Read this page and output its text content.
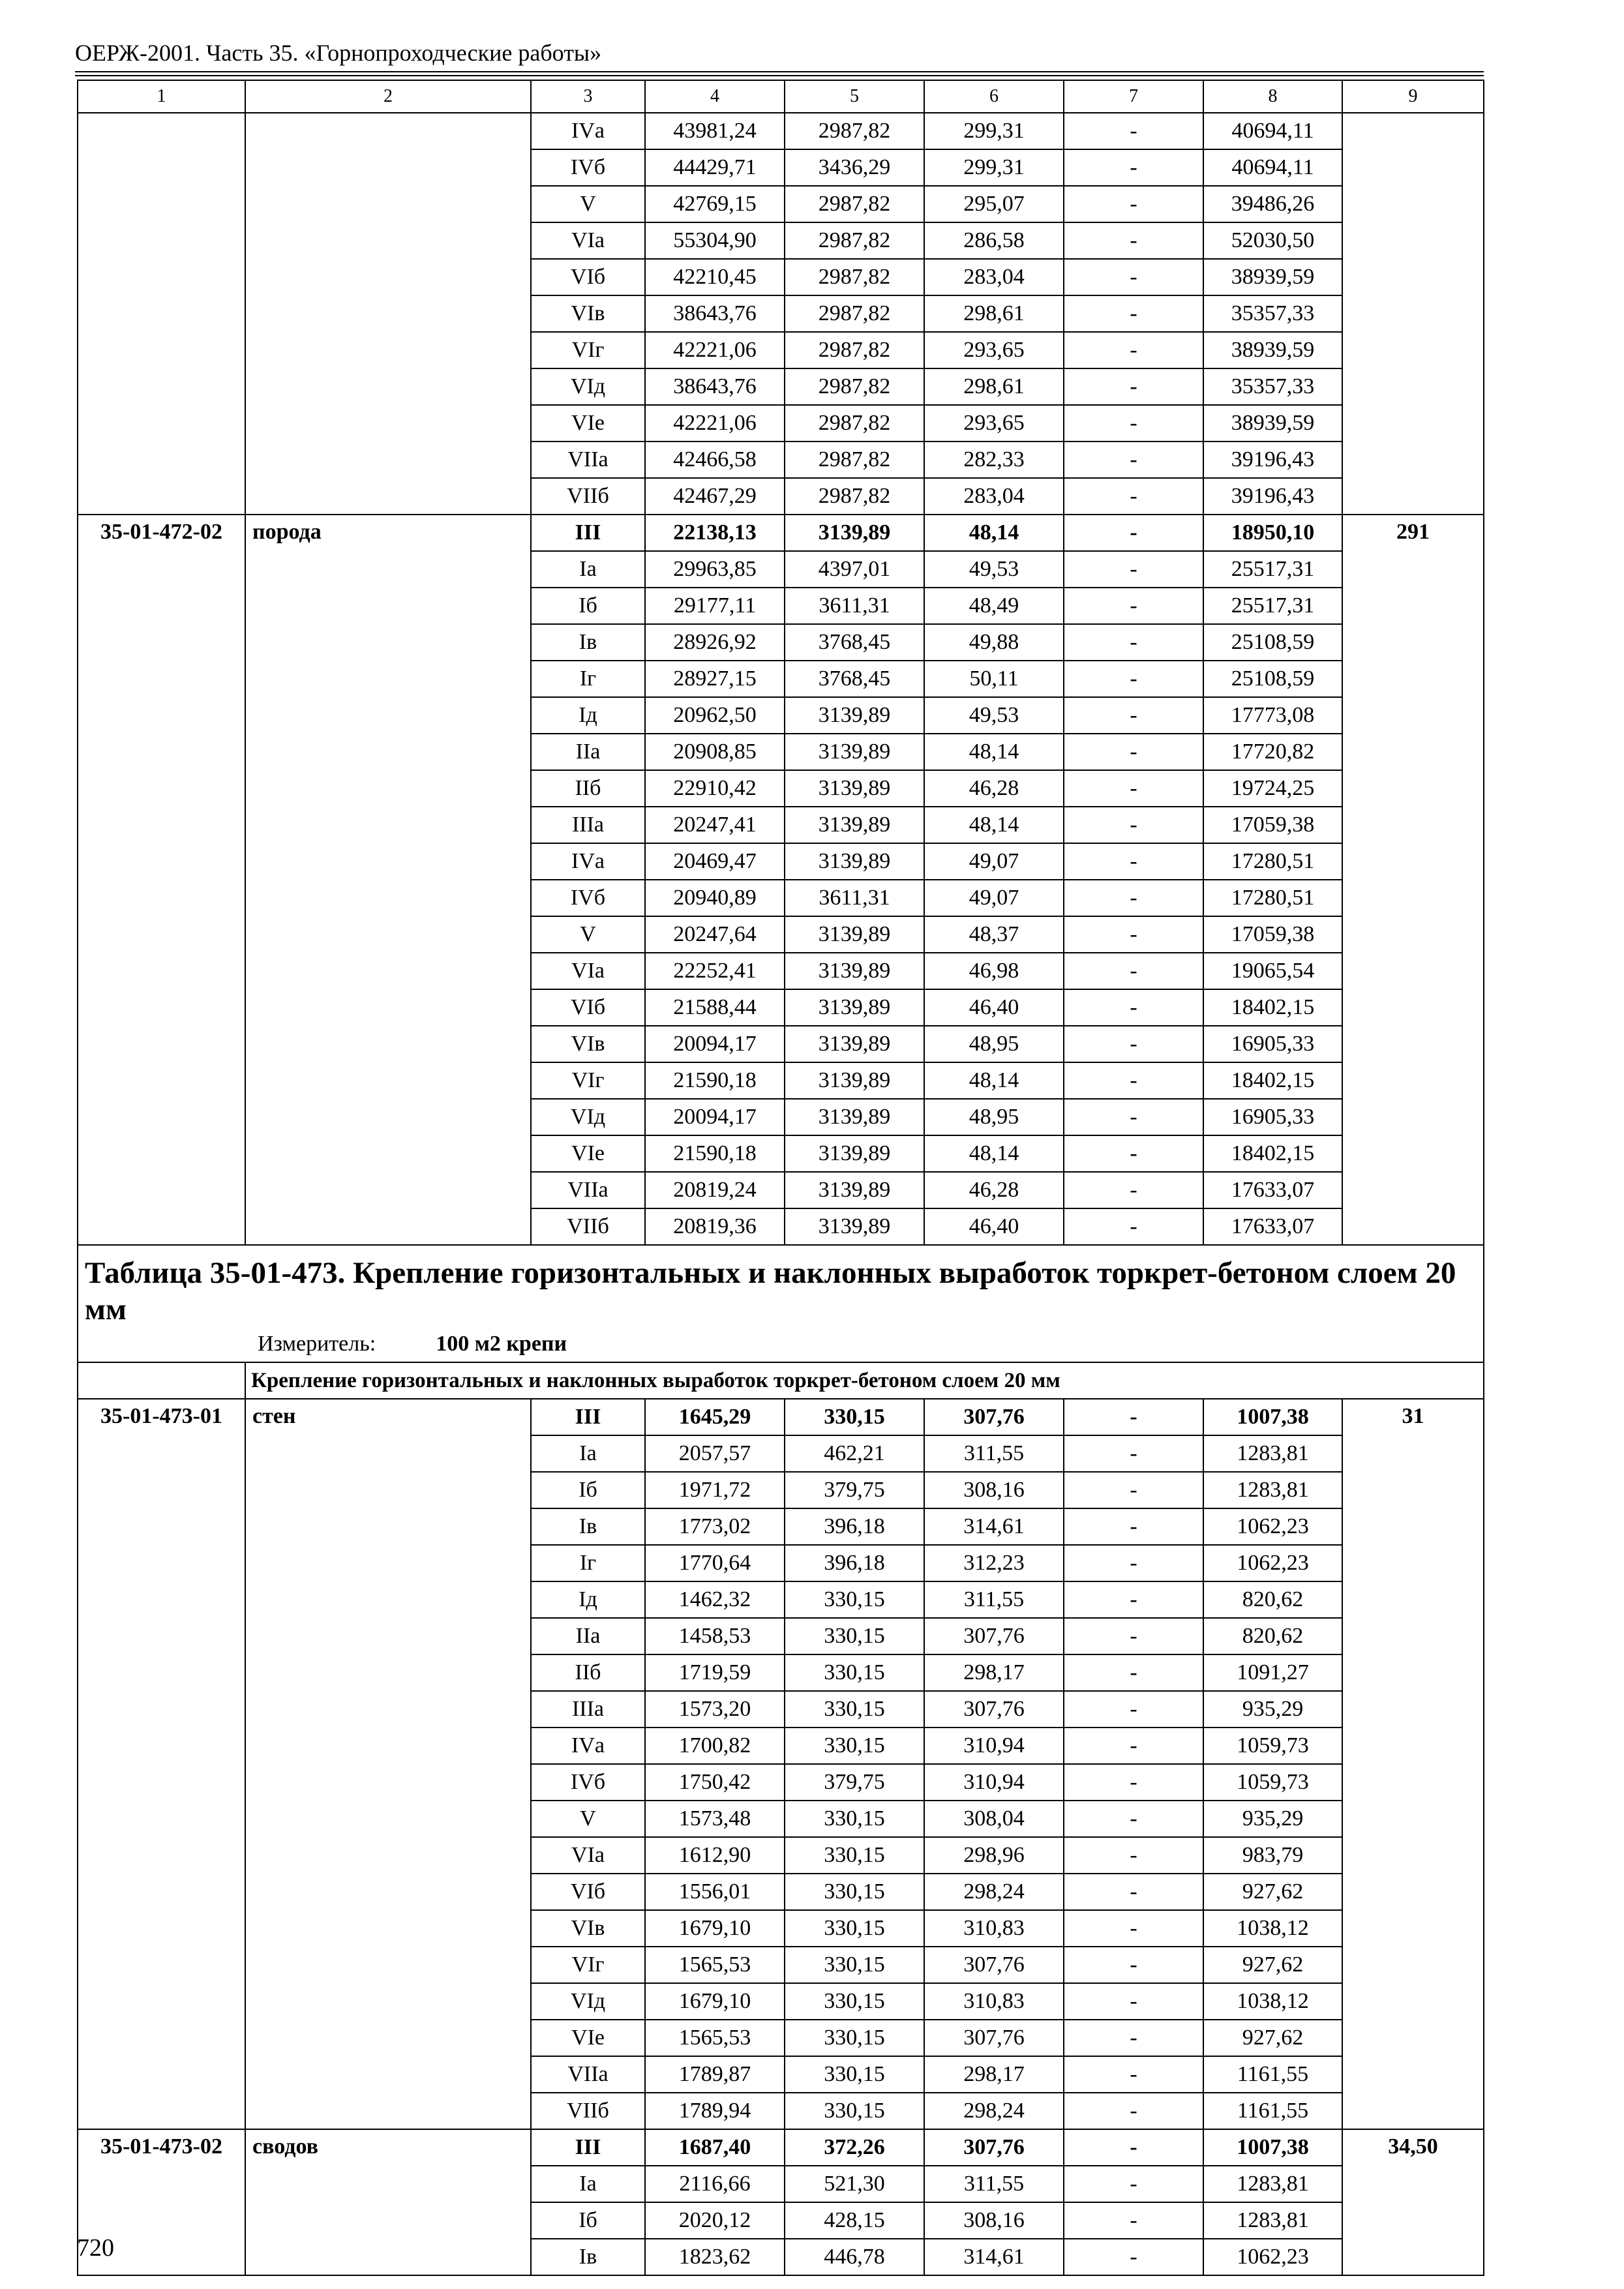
ОЕРЖ-2001. Часть 35. «Горнопроходческие работы»
1	2	3	4	5	6	7	8	9
		IVа	43981,24	2987,82	299,31	-	40694,11	
		IVб	44429,71	3436,29	299,31	-	40694,11	
		V	42769,15	2987,82	295,07	-	39486,26	
		VIа	55304,90	2987,82	286,58	-	52030,50	
		VIб	42210,45	2987,82	283,04	-	38939,59	
		VIв	38643,76	2987,82	298,61	-	35357,33	
		VIг	42221,06	2987,82	293,65	-	38939,59	
		VIд	38643,76	2987,82	298,61	-	35357,33	
		VIе	42221,06	2987,82	293,65	-	38939,59	
		VIIа	42466,58	2987,82	282,33	-	39196,43	
		VIIб	42467,29	2987,82	283,04	-	39196,43	
35-01-472-02	порода	III	22138,13	3139,89	48,14	-	18950,10	291
		Iа	29963,85	4397,01	49,53	-	25517,31	
		Iб	29177,11	3611,31	48,49	-	25517,31	
		Iв	28926,92	3768,45	49,88	-	25108,59	
		Iг	28927,15	3768,45	50,11	-	25108,59	
		Iд	20962,50	3139,89	49,53	-	17773,08	
		IIа	20908,85	3139,89	48,14	-	17720,82	
		IIб	22910,42	3139,89	46,28	-	19724,25	
		IIIа	20247,41	3139,89	48,14	-	17059,38	
		IVа	20469,47	3139,89	49,07	-	17280,51	
		IVб	20940,89	3611,31	49,07	-	17280,51	
		V	20247,64	3139,89	48,37	-	17059,38	
		VIа	22252,41	3139,89	46,98	-	19065,54	
		VIб	21588,44	3139,89	46,40	-	18402,15	
		VIв	20094,17	3139,89	48,95	-	16905,33	
		VIг	21590,18	3139,89	48,14	-	18402,15	
		VIд	20094,17	3139,89	48,95	-	16905,33	
		VIе	21590,18	3139,89	48,14	-	18402,15	
		VIIа	20819,24	3139,89	46,28	-	17633,07	
		VIIб	20819,36	3139,89	46,40	-	17633,07	
Таблица 35-01-473. Крепление горизонтальных и наклонных выработок торкрет-бетоном слоем 20 мм
Измеритель: 100 м2 крепи								

	Крепление горизонтальных и наклонных выработок торкрет-бетоном слоем 20 мм							
35-01-473-01	стен	III	1645,29	330,15	307,76	-	1007,38	31
		Iа	2057,57	462,21	311,55	-	1283,81	
		Iб	1971,72	379,75	308,16	-	1283,81	
		Iв	1773,02	396,18	314,61	-	1062,23	
		Iг	1770,64	396,18	312,23	-	1062,23	
		Iд	1462,32	330,15	311,55	-	820,62	
		IIа	1458,53	330,15	307,76	-	820,62	
		IIб	1719,59	330,15	298,17	-	1091,27	
		IIIа	1573,20	330,15	307,76	-	935,29	
		IVа	1700,82	330,15	310,94	-	1059,73	
		IVб	1750,42	379,75	310,94	-	1059,73	
		V	1573,48	330,15	308,04	-	935,29	
		VIа	1612,90	330,15	298,96	-	983,79	
		VIб	1556,01	330,15	298,24	-	927,62	
		VIв	1679,10	330,15	310,83	-	1038,12	
		VIг	1565,53	330,15	307,76	-	927,62	
		VIд	1679,10	330,15	310,83	-	1038,12	
		VIе	1565,53	330,15	307,76	-	927,62	
		VIIа	1789,87	330,15	298,17	-	1161,55	
		VIIб	1789,94	330,15	298,24	-	1161,55	
35-01-473-02	сводов	III	1687,40	372,26	307,76	-	1007,38	34,50
		Iа	2116,66	521,30	311,55	-	1283,81	
		Iб	2020,12	428,15	308,16	-	1283,81	
		Iв	1823,62	446,78	314,61	-	1062,23	
720
